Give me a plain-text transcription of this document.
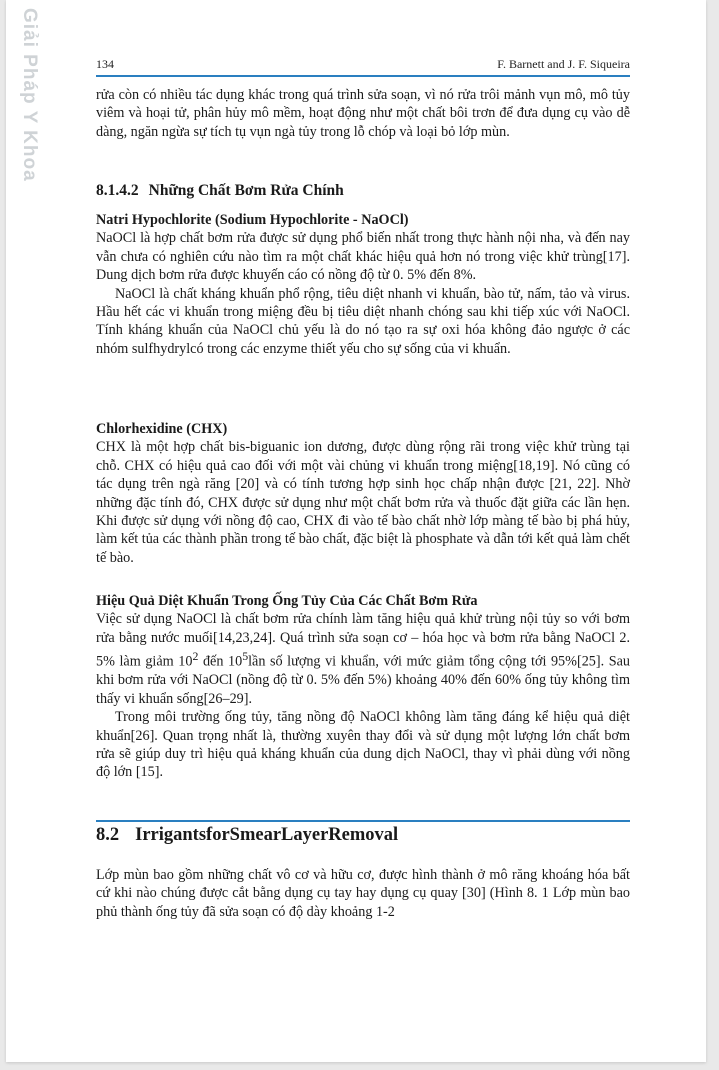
Giải Pháp Y Khoa	134	F. Barnett and J. F. Siqueira

rửa còn có nhiều tác dụng khác trong quá trình sửa soạn, vì nó rửa trôi mảnh vụn mô, mô tủy viêm và hoại tử, phân hủy mô mềm, hoạt động như một chất bôi trơn để đưa dụng cụ vào dễ dàng, ngăn ngừa sự tích tụ vụn ngà tủy trong lỗ chóp và loại bỏ lớp mùn.

8.1.4.2 Những Chất Bơm Rửa Chính
Natri Hypochlorite (Sodium Hypochlorite - NaOCl)

NaOCl là hợp chất bơm rửa được sử dụng phổ biến nhất trong thực hành nội nha, và đến nay vẫn chưa có nghiên cứu nào tìm ra một chất khác hiệu quả hơn nó trong việc khử trùng[17]. Dung dịch bơm rửa được khuyến cáo có nồng độ từ 0. 5% đến 8%.

NaOCl là chất kháng khuẩn phổ rộng, tiêu diệt nhanh vi khuẩn, bào tử, nấm, tảo và virus. Hầu hết các vi khuẩn trong miệng đều bị tiêu diệt nhanh chóng sau khi tiếp xúc với NaOCl. Tính kháng khuẩn của NaOCl chủ yếu là do nó tạo ra sự oxi hóa không đảo ngược ở các nhóm sulfhydrylcó trong các enzyme thiết yếu cho sự sống của vi khuẩn.

Chlorhexidine (CHX)

CHX là một hợp chất bis-biguanic ion dương, được dùng rộng rãi trong việc khử trùng tại chỗ. CHX có hiệu quả cao đối với một vài chủng vi khuẩn trong miệng[18,19]. Nó cũng có tác dụng trên ngà răng [20] và có tính tương hợp sinh học chấp nhận được [21, 22]. Nhờ những đặc tính đó, CHX được sử dụng như một chất bơm rửa và thuốc đặt giữa các lần hẹn. Khi được sử dụng với nồng độ cao, CHX đi vào tế bào chất nhờ lớp màng tế bào bị phá hủy, làm kết tủa các thành phần trong tế bào chất, đặc biệt là phosphate và dẫn tới kết quả làm chết tế bào.

Hiệu Quả Diệt Khuẩn Trong Ống Tủy Của Các Chất Bơm Rửa

Việc sử dụng NaOCl là chất bơm rửa chính làm tăng hiệu quả khử trùng nội tủy so với bơm rửa bằng nước muối[14,23,24]. Quá trình sửa soạn cơ – hóa học và bơm rửa bằng NaOCl 2. 5% làm giảm $10^2$ đến $10^5lần$ số lượng vi khuẩn, với mức giảm tổng cộng tới 95%[25]. Sau khi bơm rửa với NaOCl (nồng độ từ 0. 5% đến 5%) khoảng 40% đến 60% ống tủy không tìm thấy vi khuẩn sống[26–29].

Trong môi trường ống tủy, tăng nồng độ NaOCl không làm tăng đáng kể hiệu quả diệt khuẩn[26]. Quan trọng nhất là, thường xuyên thay đổi và sử dụng một lượng lớn chất bơm rửa sẽ giúp duy trì hiệu quả kháng khuẩn của dung dịch NaOCl, thay vì phải dùng với nồng độ lớn [15].

8.2 IrrigantsforSmearLayerRemoval

Lớp mùn bao gồm những chất vô cơ và hữu cơ, được hình thành ở mô răng khoáng hóa bất cứ khi nào chúng được cắt bằng dụng cụ tay hay dụng cụ quay [30] (Hình 8. 1 Lớp mùn bao phủ thành ống tủy đã sửa soạn có độ dày khoảng 1-2
